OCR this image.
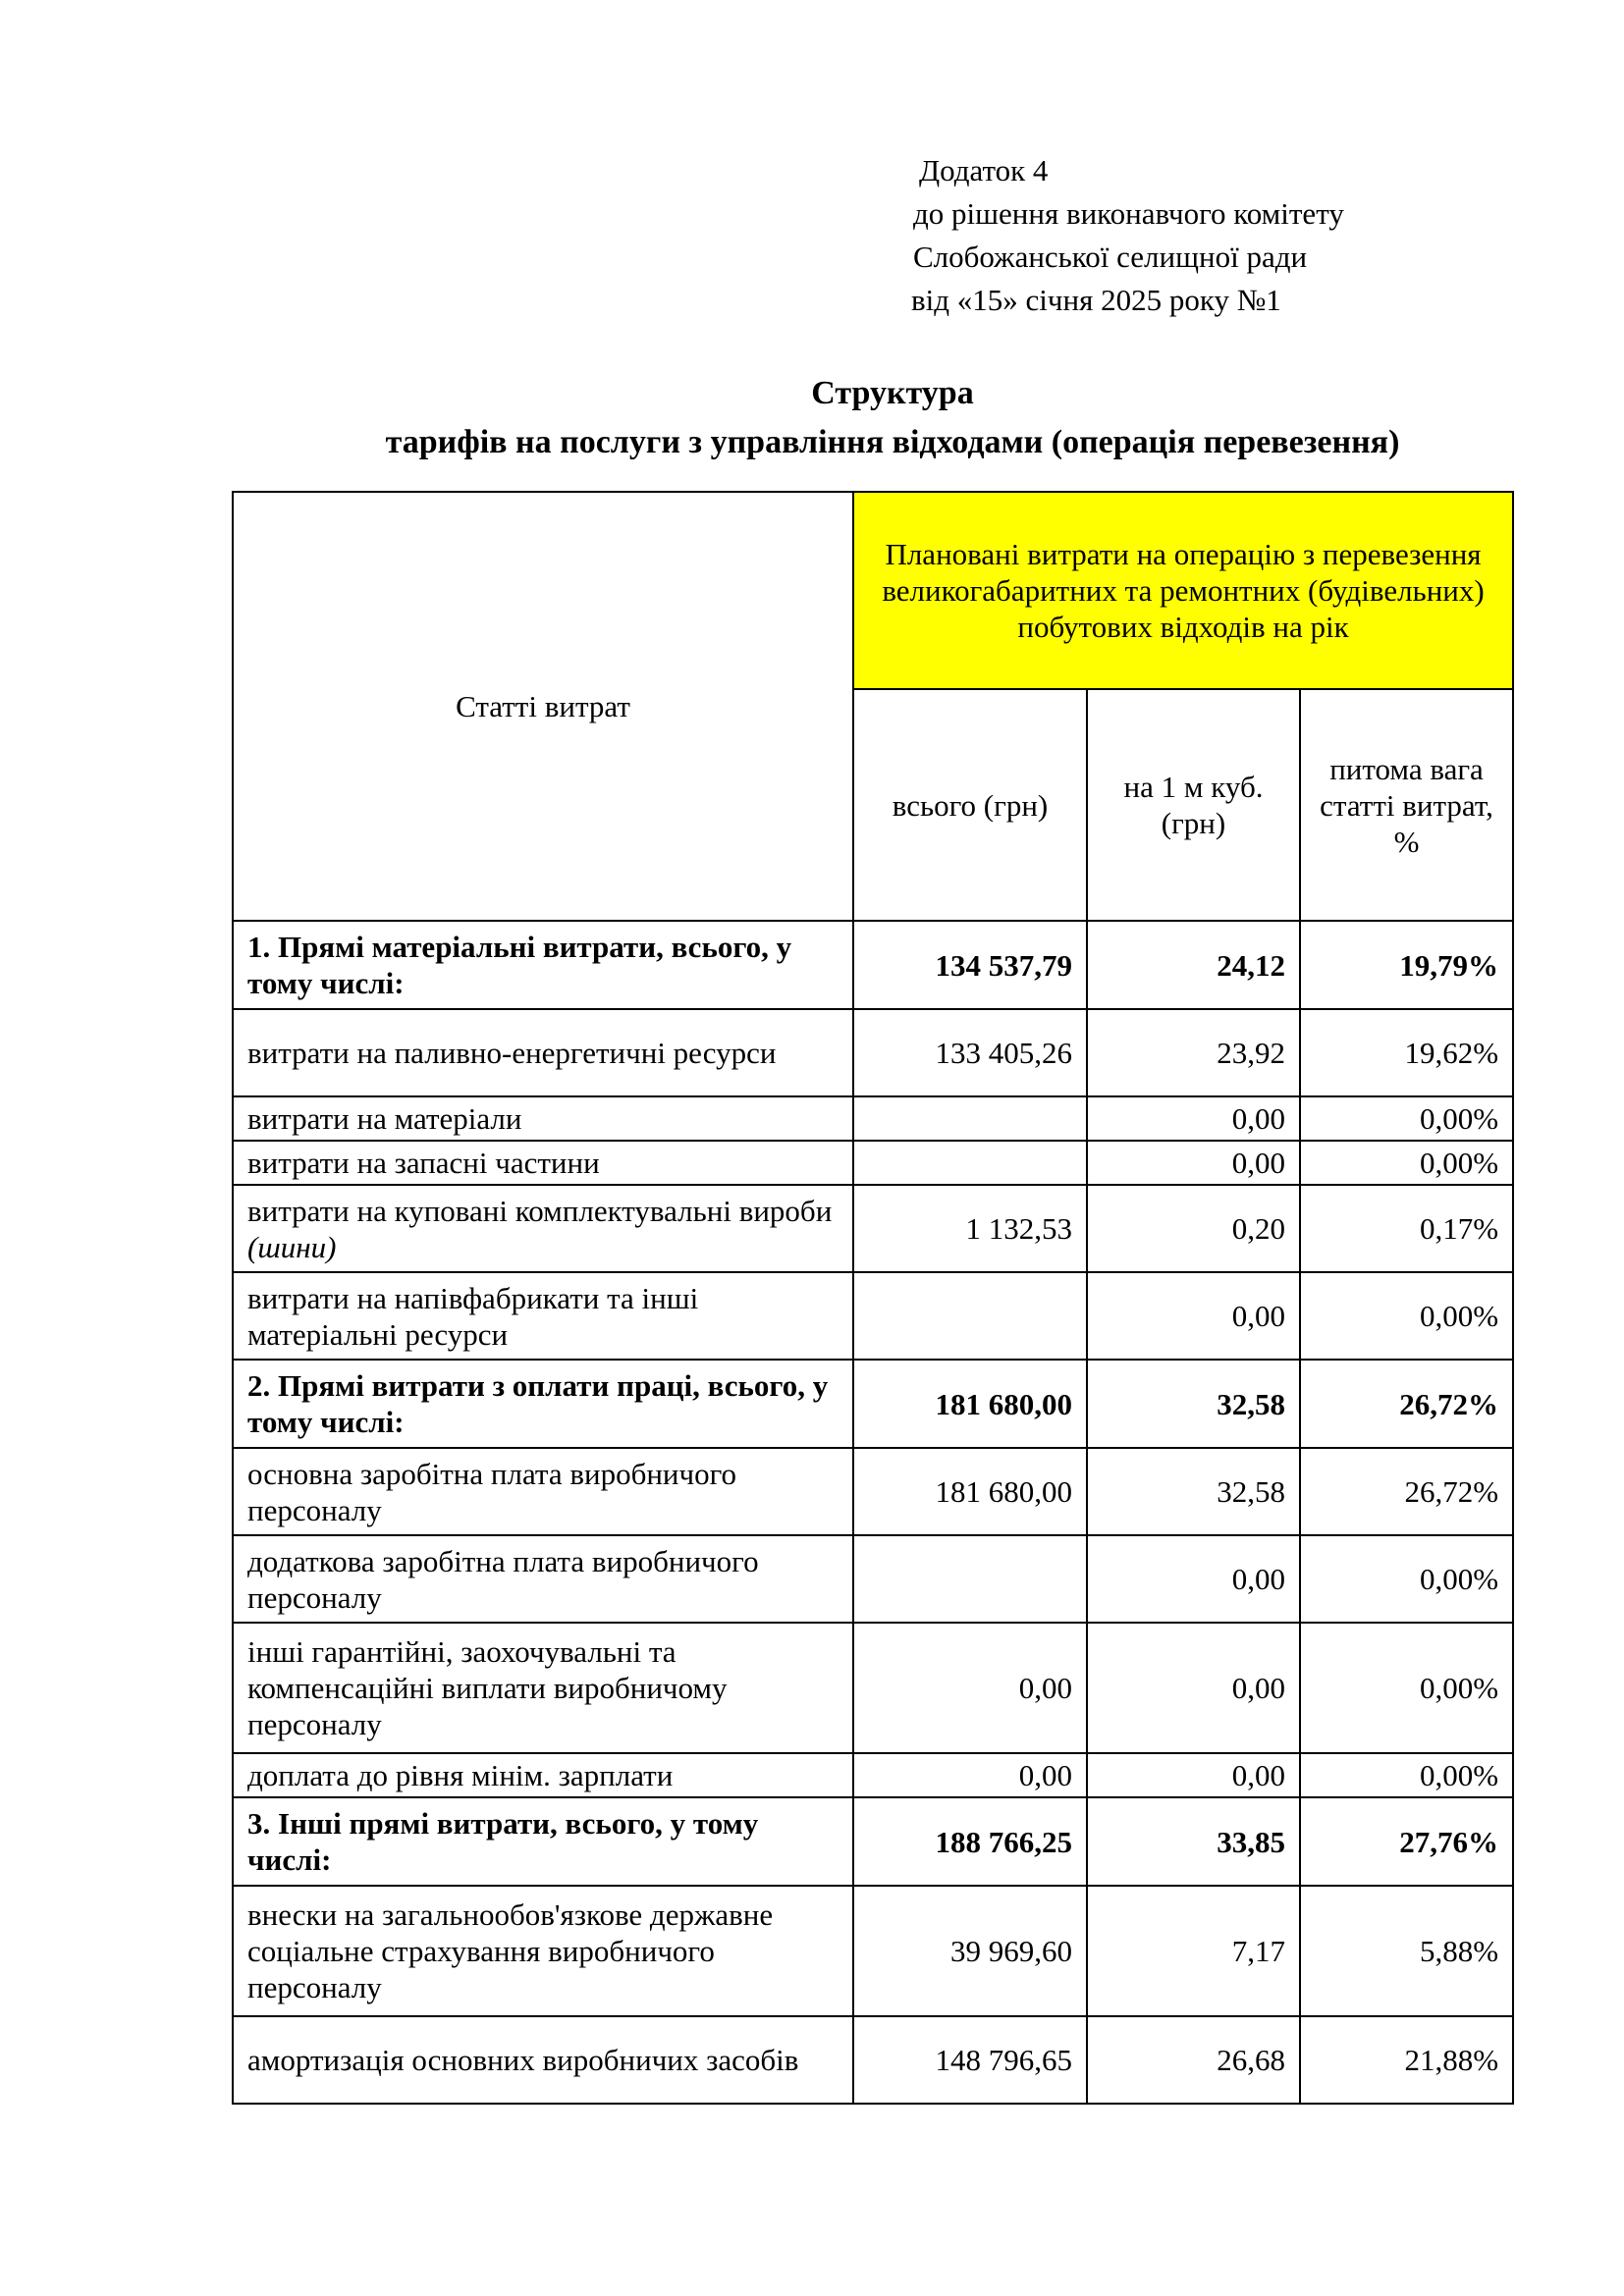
Додаток 4
до рішення виконавчого комітету
Слобожанської селищної ради
від «15» січня 2025 року №1
Структура
тарифів на послуги з управління відходами (операція перевезення)
Статті витрат	Плановані витрати на операцію з перевезення великогабаритних та ремонтних (будівельних) побутових відходів на рік		
	всього (грн)	на 1 м куб. (грн)	питома вага статті витрат, %
1. Прямі матеріальні витрати, всього, у тому числі:	134 537,79	24,12	19,79%
витрати на паливно-енергетичні ресурси	133 405,26	23,92	19,62%
витрати на матеріали		0,00	0,00%
витрати на запасні частини		0,00	0,00%
витрати на куповані комплектувальні вироби (шини)	1 132,53	0,20	0,17%
витрати на напівфабрикати та інші матеріальні ресурси		0,00	0,00%
2. Прямі витрати з оплати праці, всього, у тому числі:	181 680,00	32,58	26,72%
основна заробітна плата виробничого персоналу	181 680,00	32,58	26,72%
додаткова заробітна плата виробничого персоналу		0,00	0,00%
інші гарантійні, заохочувальні та компенсаційні виплати виробничому персоналу	0,00	0,00	0,00%
доплата до рівня мінім. зарплати	0,00	0,00	0,00%
3. Інші прямі витрати, всього, у тому числі:	188 766,25	33,85	27,76%
внески на загальнообов'язкове державне соціальне страхування виробничого персоналу	39 969,60	7,17	5,88%
амортизація основних виробничих засобів	148 796,65	26,68	21,88%
